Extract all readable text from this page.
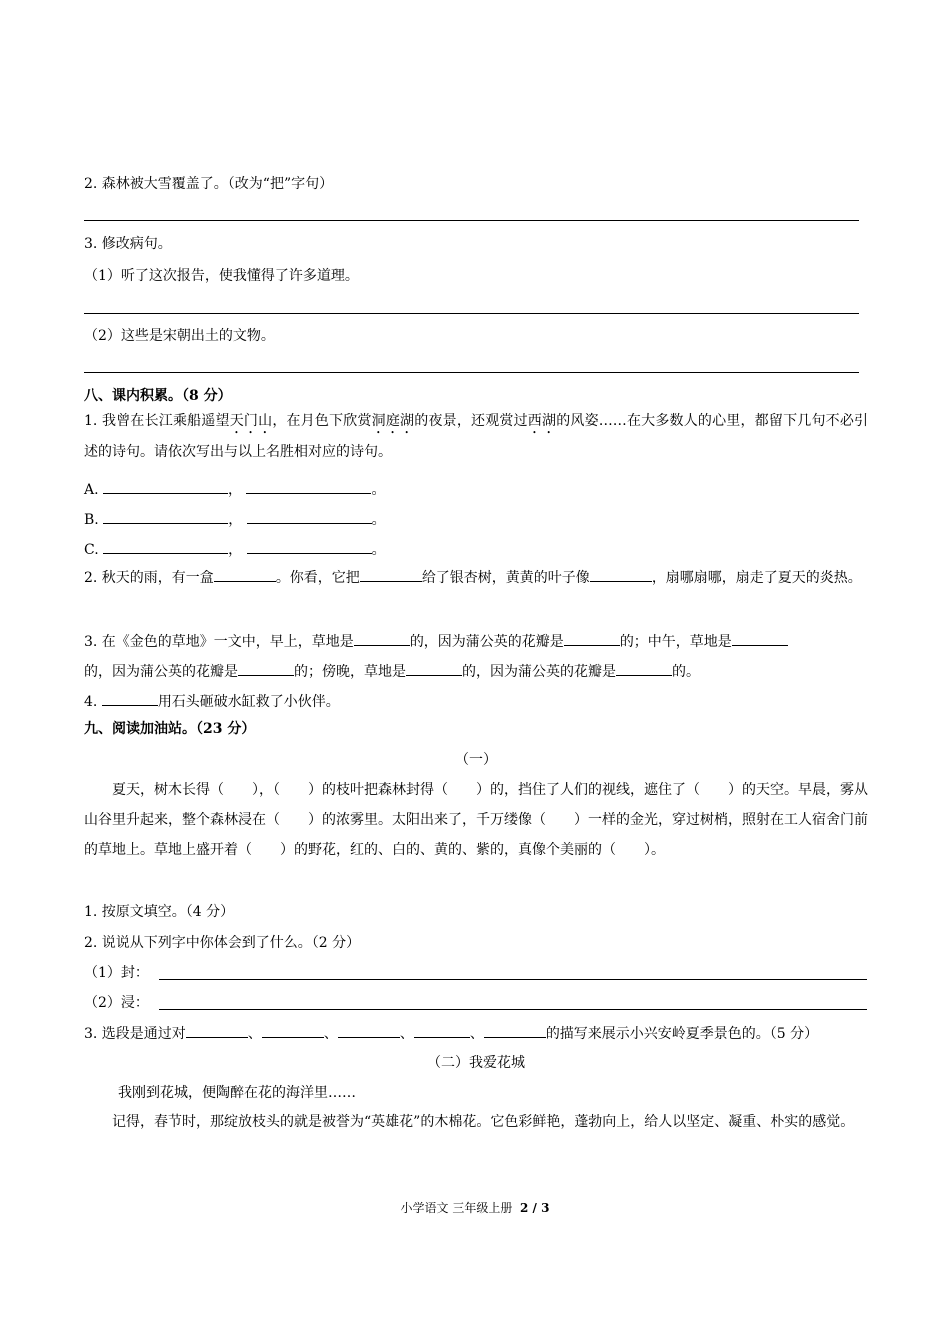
2. 森林被大雪覆盖了。（改为“把”字句）
3. 修改病句。
（1）听了这次报告，使我懂得了许多道理。
（2）这些是宋朝出土的文物。
八、课内积累。（8 分）
1. 我曾在长江乘船遥望天门山，在月色下欣赏洞庭湖的夜景，还观赏过西湖的风姿……在大多数人的心里，都留下几句不必引述的诗句。请依次写出与以上名胜相对应的诗句。
A.	，	。
B.	，	。
C.	，	。
2. 秋天的雨，有一盒	。你看，它把	给了银杏树，黄黄的叶子像	，扇哪扇哪，扇走了夏天的炎热。
3. 在《金色的草地》一文中，早上，草地是	的，因为蒲公英的花瓣是	的；中午，草地是
的，因为蒲公英的花瓣是	的；傍晚，草地是	的，因为蒲公英的花瓣是	的。
4.	用石头砸破水缸救了小伙伴。
九、阅读加油站。（23 分）
（一）
夏天，树木长得（　　），（　　）的枝叶把森林封得（　　）的，挡住了人们的视线，遮住了（　　）的天空。早晨，雾从山谷里升起来，整个森林浸在（　　）的浓雾里。太阳出来了，千万缕像（　　）一样的金光，穿过树梢，照射在工人宿舍门前的草地上。草地上盛开着（　　）的野花，红的、白的、黄的、紫的，真像个美丽的（　　）。
1. 按原文填空。（4 分）
2. 说说从下列字中你体会到了什么。（2 分）
（1）封：
（2）浸：
3. 选段是通过对	、	、	、	、	的描写来展示小兴安岭夏季景色的。（5 分）
（二）我爱花城
我刚到花城，便陶醉在花的海洋里……
记得，春节时，那绽放枝头的就是被誉为“英雄花”的木棉花。它色彩鲜艳，蓬勃向上，给人以坚定、凝重、朴实的感觉。
小学语文 三年级上册 2 / 3
